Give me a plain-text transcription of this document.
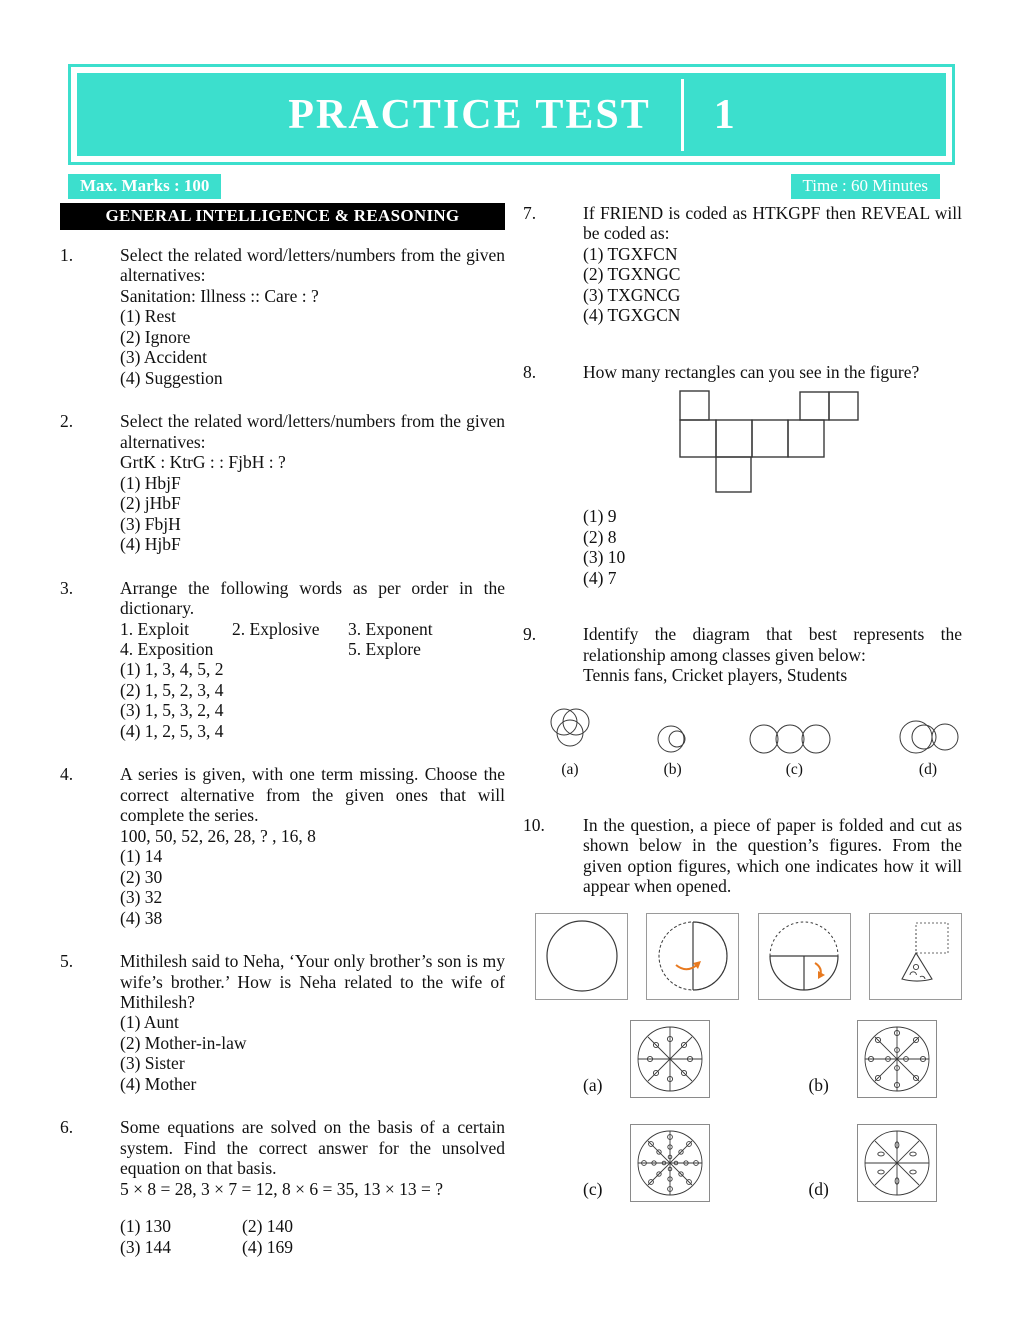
PRACTICE TEST 1
Max. Marks : 100	Time : 60 Minutes
GENERAL INTELLIGENCE & REASONING
1.	Select the related word/letters/numbers from the given alternatives:
Sanitation: Illness :: Care : ?
(1) Rest
(2) Ignore
(3) Accident
(4) Suggestion
2.	Select the related word/letters/numbers from the given alternatives:
GrtK : KtrG : : FjbH : ?
(1) HbjF
(2) jHbF
(3) FbjH
(4) HjbF
3.	Arrange the following words as per order in the dictionary.
1. Exploit	2. Explosive	3. Exponent
4. Exposition	5. Explore
(1) 1, 3, 4, 5, 2
(2) 1, 5, 2, 3, 4
(3) 1, 5, 3, 2, 4
(4) 1, 2, 5, 3, 4
4.	A series is given, with one term missing. Choose the correct alternative from the given ones that will complete the series.
100, 50, 52, 26, 28, ? , 16, 8
(1) 14
(2) 30
(3) 32
(4) 38
5.	Mithilesh said to Neha, ‘Your only brother’s son is my wife’s brother.’ How is Neha related to the wife of Mithilesh?
(1) Aunt
(2) Mother-in-law
(3) Sister
(4) Mother
6.	Some equations are solved on the basis of a certain system. Find the correct answer for the unsolved equation on that basis.
5 × 8 = 28, 3 × 7 = 12, 8 × 6 = 35, 13 × 13 = ?
(1) 130	(2) 140
(3) 144	(4) 169
7.	If FRIEND is coded as HTKGPF then REVEAL will be coded as:
(1) TGXFCN
(2) TGXNGC
(3) TXGNCG
(4) TGXGCN
8.	How many rectangles can you see in the figure?
(1) 9
(2) 8
(3) 10
(4) 7
9.	Identify the diagram that best represents the relationship among classes given below:
Tennis fans, Cricket players, Students
(a)	(b)	(c)	(d)
10.	In the question, a piece of paper is folded and cut as shown below in the question’s figures. From the given option figures, which one indicates how it will appear when opened.
(a)	(b)
(c)	(d)
